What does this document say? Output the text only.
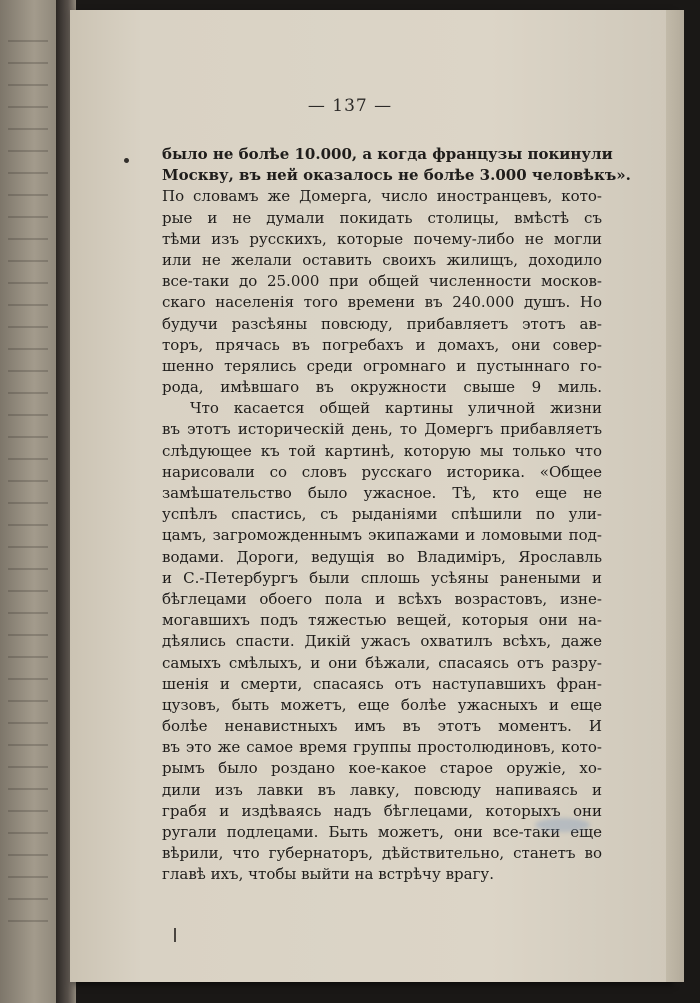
— 137 —
было не болѣе 10.000, а когда французы покинули
Москву, въ ней оказалось не болѣе 3.000 человѣкъ».
По словамъ же Домерга, число иностранцевъ, кото-
рые и не думали покидать столицы, вмѣстѣ съ
тѣми изъ русскихъ, которые почему-либо не могли
или не желали оставить своихъ жилищъ, доходило
все-таки до 25.000 при общей численности москов-
скаго населенія того времени въ 240.000 душъ. Но
будучи разсѣяны повсюду, прибавляетъ этотъ ав-
торъ, прячась въ погребахъ и домахъ, они совер-
шенно терялись среди огромнаго и пустыннаго го-
рода, имѣвшаго въ окружности свыше 9 миль.
Что касается общей картины уличной жизни
въ этотъ историческій день, то Домергъ прибавляетъ
слѣдующее къ той картинѣ, которую мы только что
нарисовали со словъ русскаго историка. «Общее
замѣшательство было ужасное. Тѣ, кто еще не
успѣлъ спастись, съ рыданіями спѣшили по ули-
цамъ, загроможденнымъ экипажами и ломовыми под-
водами. Дороги, ведущія во Владиміръ, Ярославль
и С.-Петербургъ были сплошь усѣяны ранеными и
бѣглецами обоего пола и всѣхъ возрастовъ, изне-
могавшихъ подъ тяжестью вещей, которыя они на-
дѣялись спасти. Дикій ужасъ охватилъ всѣхъ, даже
самыхъ смѣлыхъ, и они бѣжали, спасаясь отъ разру-
шенія и смерти, спасаясь отъ наступавшихъ фран-
цузовъ, быть можетъ, еще болѣе ужасныхъ и еще
болѣе ненавистныхъ имъ въ этотъ моментъ. И
въ это же самое время группы простолюдиновъ, кото-
рымъ было роздано кое-какое старое оружіе, хо-
дили изъ лавки въ лавку, повсюду напиваясь и
грабя и издѣваясь надъ бѣглецами, которыхъ они
ругали подлецами. Быть можетъ, они все-таки еще
вѣрили, что губернаторъ, дѣйствительно, станетъ во
главѣ ихъ, чтобы выйти на встрѣчу врагу.
